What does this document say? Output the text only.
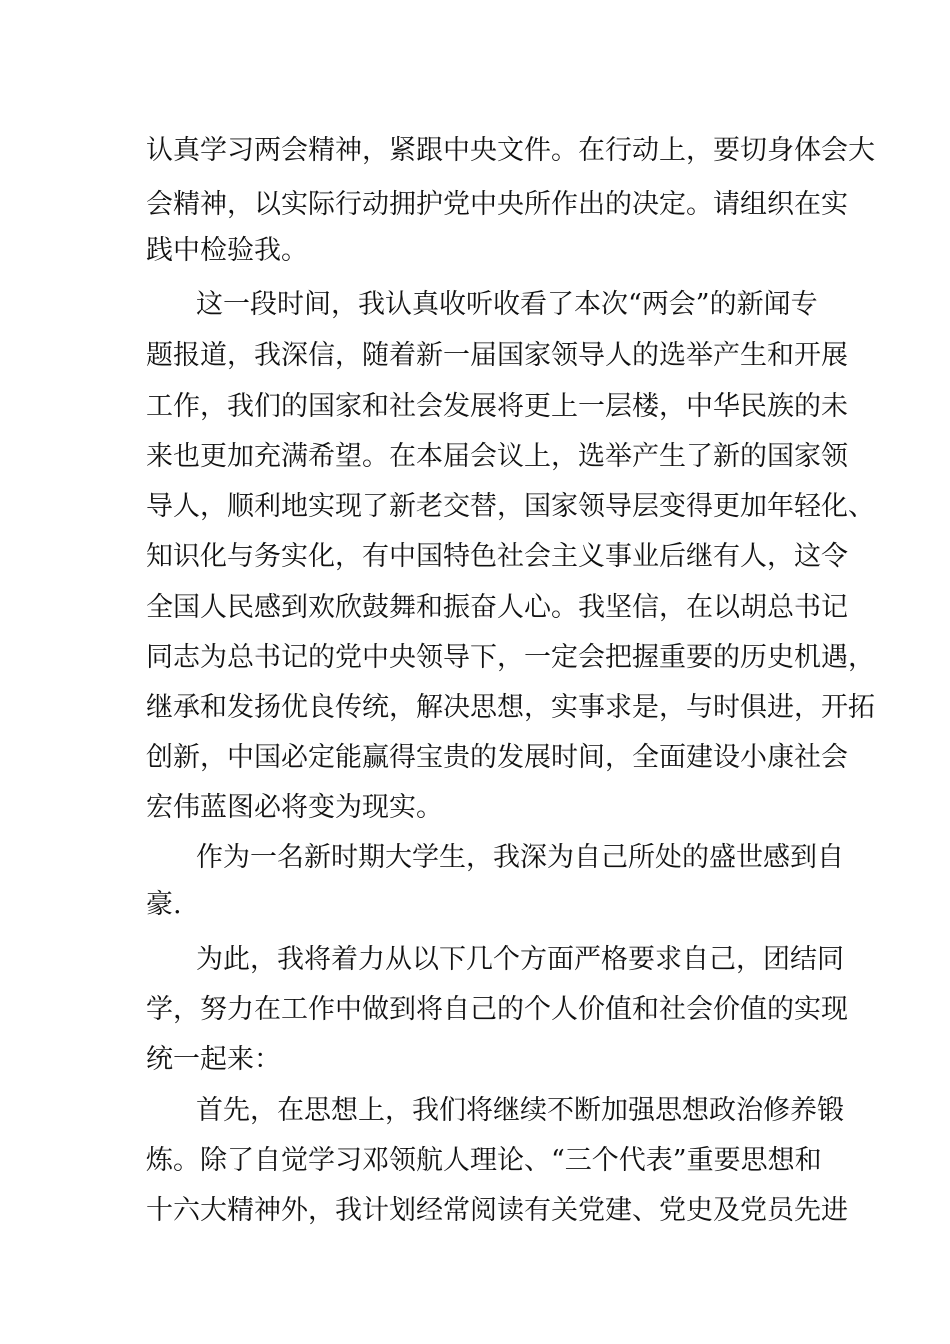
认真学习两会精神，紧跟中央文件。在行动上，要切身体会大
会精神，以实际行动拥护党中央所作出的决定。请组织在实
践中检验我。
这一段时间，我认真收听收看了本次“两会”的新闻专
题报道，我深信，随着新一届国家领导人的选举产生和开展
工作，我们的国家和社会发展将更上一层楼，中华民族的未
来也更加充满希望。在本届会议上，选举产生了新的国家领
导人，顺利地实现了新老交替，国家领导层变得更加年轻化、
知识化与务实化，有中国特色社会主义事业后继有人，这令
全国人民感到欢欣鼓舞和振奋人心。我坚信，在以胡总书记
同志为总书记的党中央领导下，一定会把握重要的历史机遇，
继承和发扬优良传统，解决思想，实事求是，与时俱进，开拓
创新，中国必定能赢得宝贵的发展时间，全面建设小康社会
宏伟蓝图必将变为现实。
作为一名新时期大学生，我深为自己所处的盛世感到自
豪.
为此，我将着力从以下几个方面严格要求自己，团结同
学，努力在工作中做到将自己的个人价值和社会价值的实现
统一起来：
首先，在思想上，我们将继续不断加强思想政治修养锻
炼。除了自觉学习邓领航人理论、“三个代表”重要思想和
十六大精神外，我计划经常阅读有关党建、党史及党员先进
